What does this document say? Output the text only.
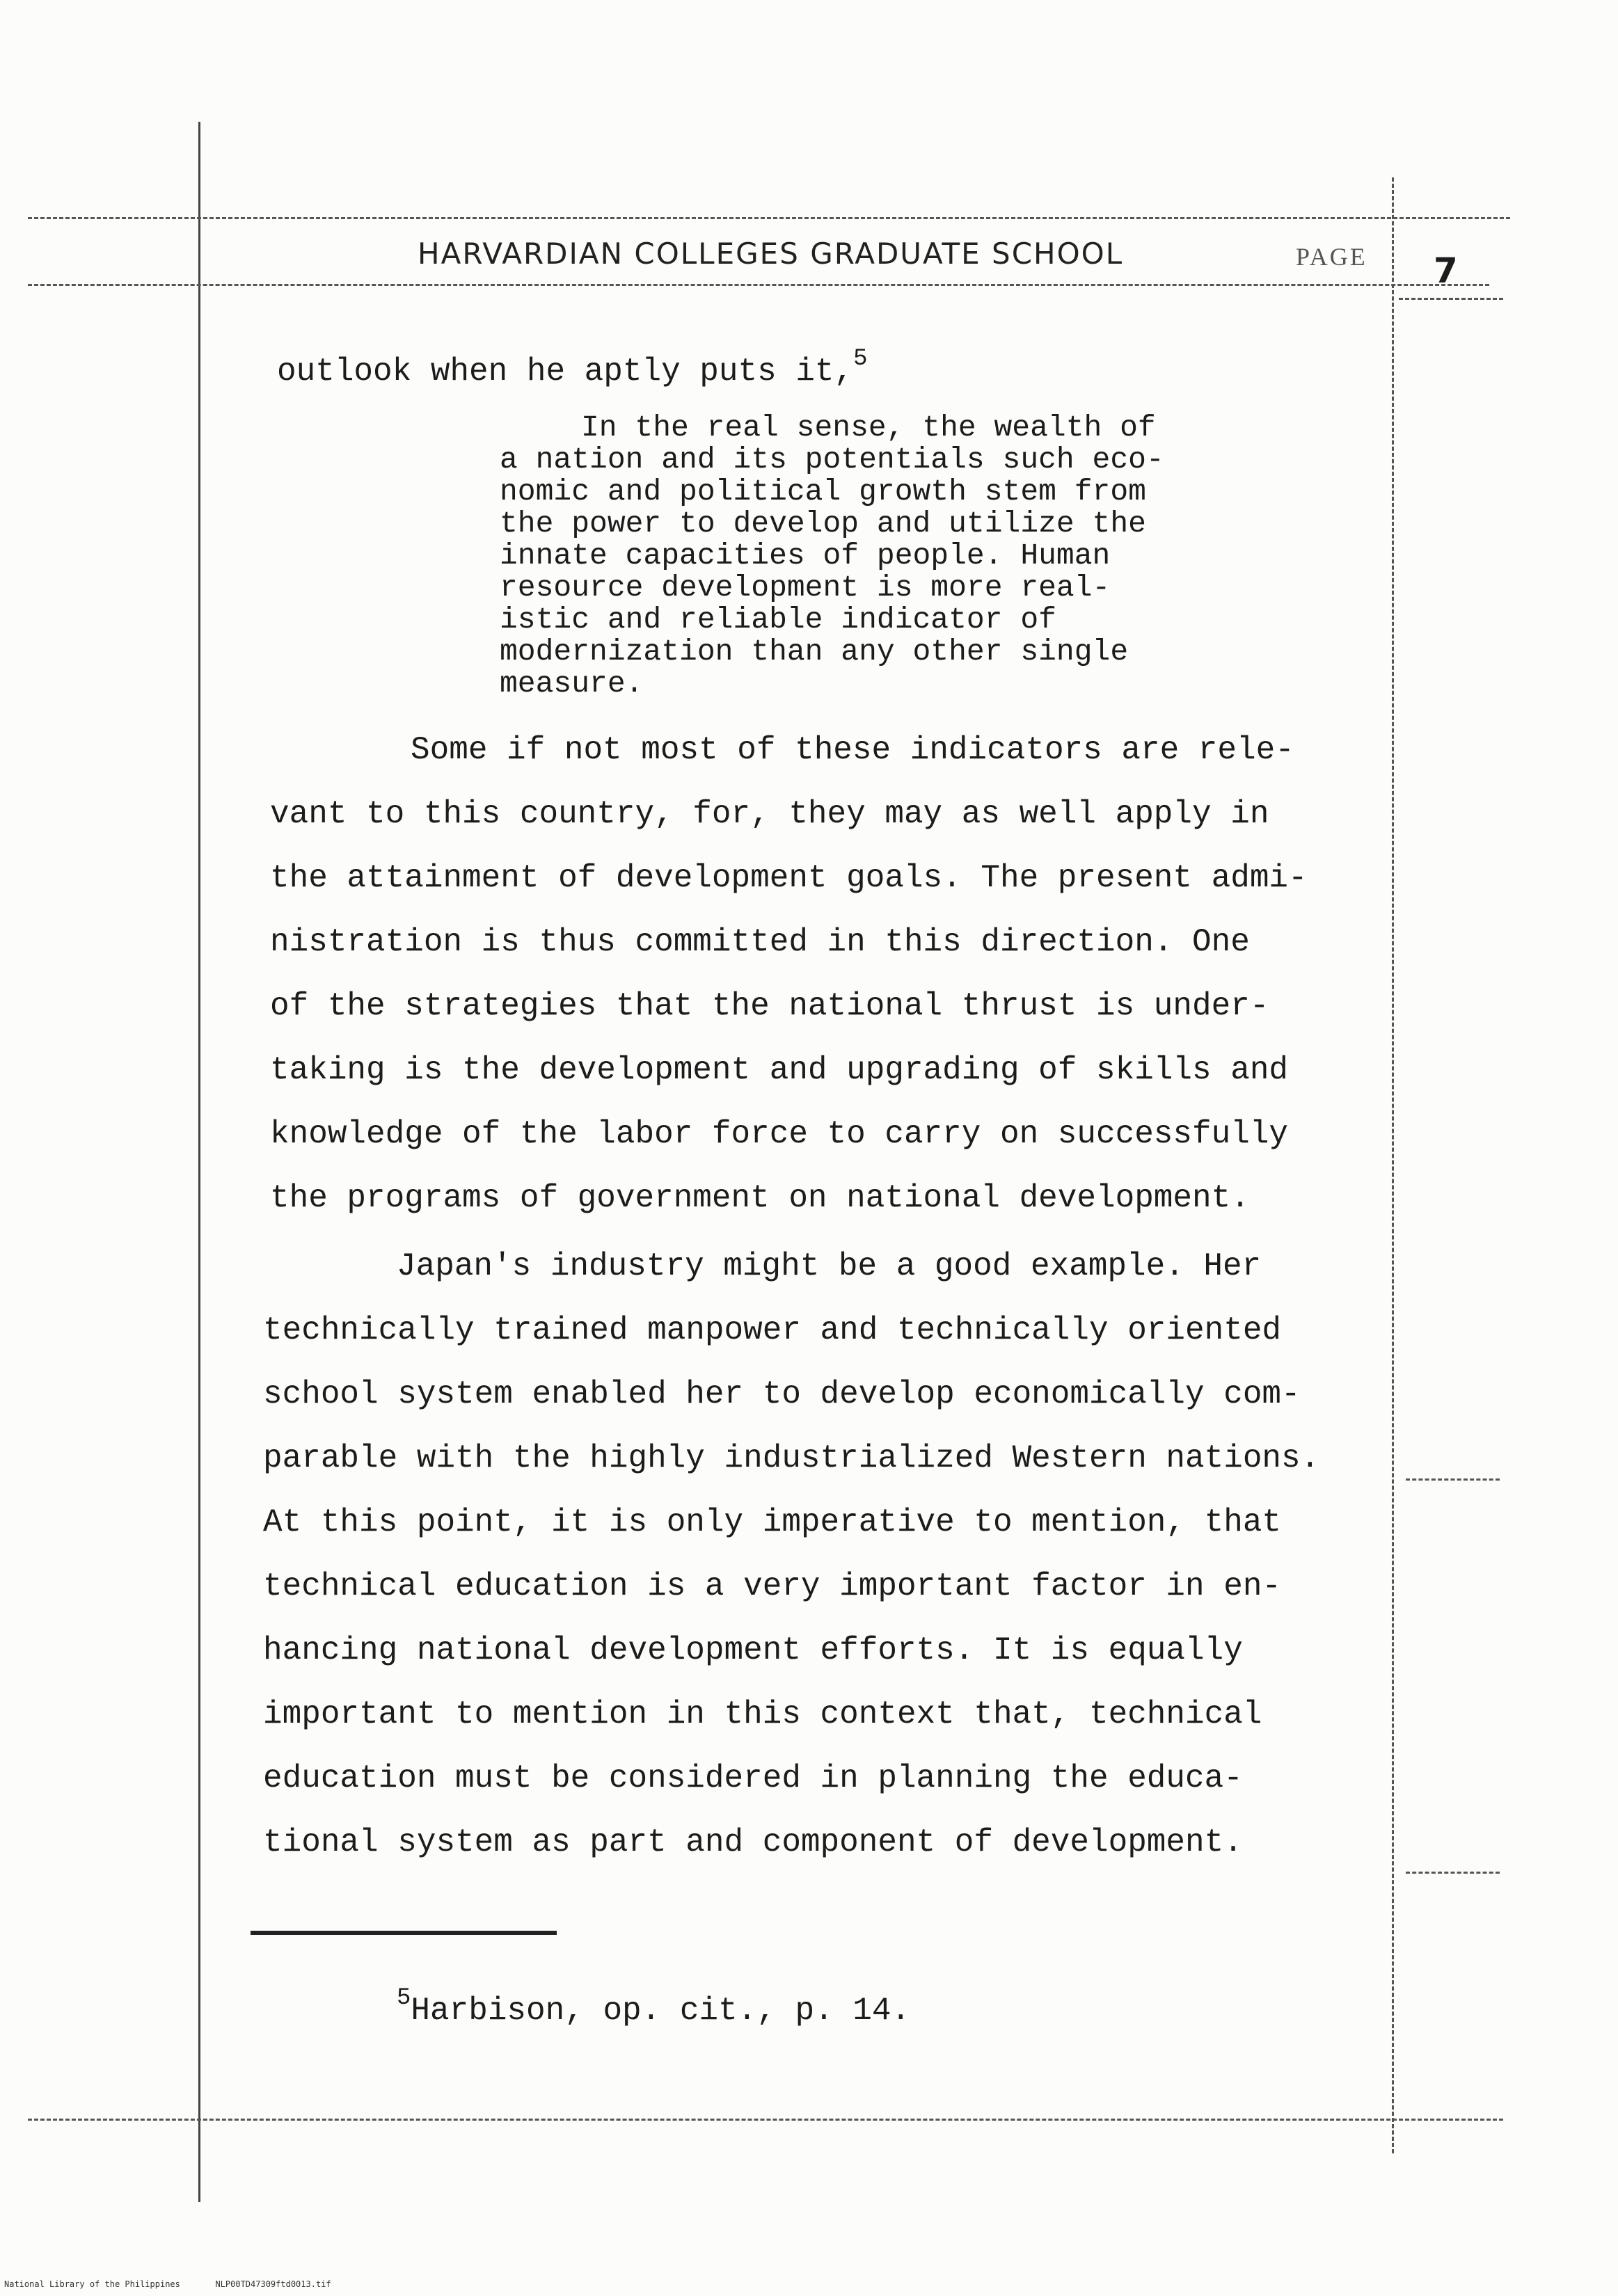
HARVARDIAN COLLEGES GRADUATE SCHOOL	PAGE 7
outlook when he aptly puts it,$^5$
In the real sense, the wealth of
a nation and its potentials such eco-
nomic and political growth stem from
the power to develop and utilize the
innate capacities of people. Human
resource development is more real-
istic and reliable indicator of
modernization than any other single
measure.
Some if not most of these indicators are rele-
vant to this country, for, they may as well apply in
the attainment of development goals. The present admi-
nistration is thus committed in this direction. One
of the strategies that the national thrust is under-
taking is the development and upgrading of skills and
knowledge of the labor force to carry on successfully
the programs of government on national development.
Japan's industry might be a good example. Her
technically trained manpower and technically oriented
school system enabled her to develop economically com-
parable with the highly industrialized Western nations.
At this point, it is only imperative to mention, that
technical education is a very important factor in en-
hancing national development efforts. It is equally
important to mention in this context that, technical
education must be considered in planning the educa-
tional system as part and component of development.
$^5$Harbison, op. cit., p. 14.
National Library of the Philippines	NLP00TD47309ftd0013.tif
